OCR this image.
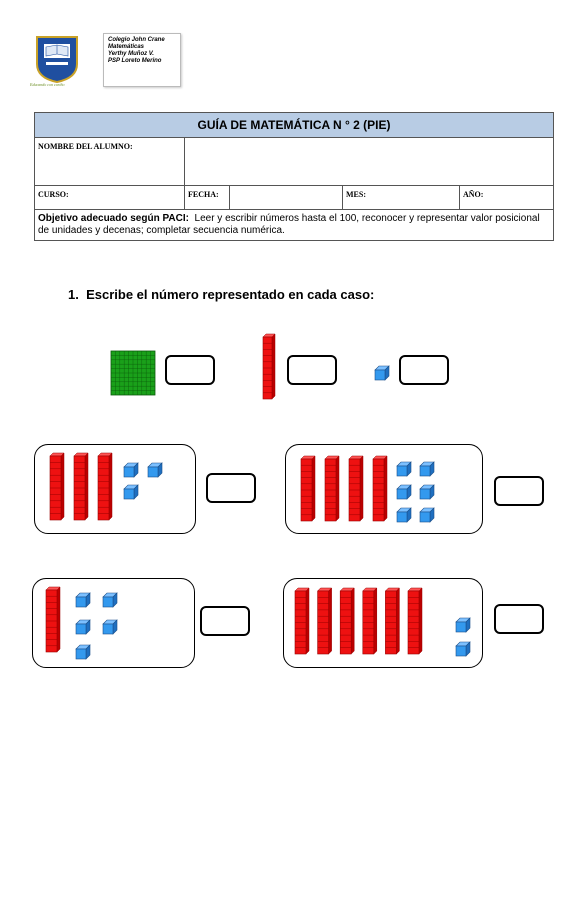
Educando con cariño
Colegio John Crane
Matemáticas
Yerthy Muñoz V.
PSP Loreto Merino
GUÍA DE MATEMÁTICA N ° 2 (PIE)				
NOMBRE DEL ALUMNO:				
CURSO:	FECHA:		MES:	AÑO:
Objetivo adecuado según PACI: Leer y escribir números hasta el 100, reconocer y representar valor posicional de unidades y decenas; completar secuencia numérica.				
1. Escribe el número representado en cada caso:
